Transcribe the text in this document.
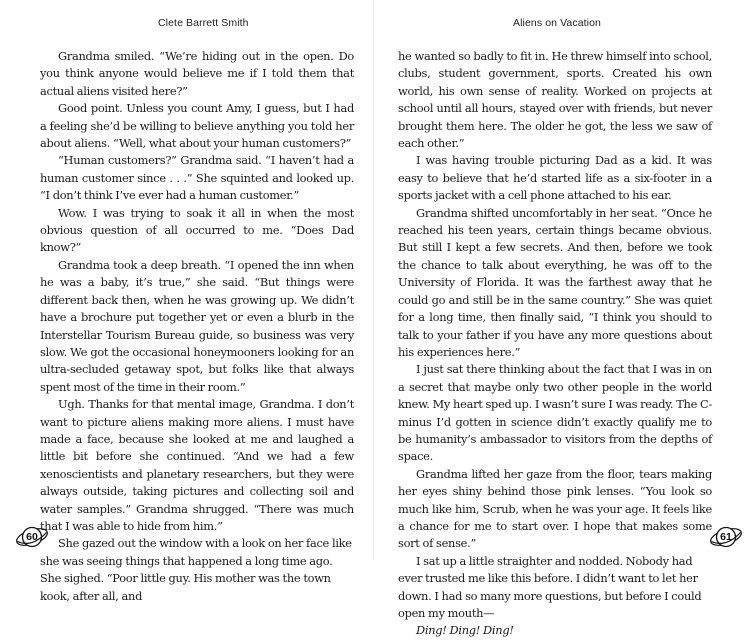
Clete Barrett Smith

Grandma smiled. “We’re hiding out in the open. Do you think anyone would believe me if I told them that actual aliens visited here?”

Good point. Unless you count Amy, I guess, but I had a feeling she’d be willing to believe anything you told her about aliens. “Well, what about your human customers?”

“Human customers?” Grandma said. “I haven’t had a human customer since . . .” She squinted and looked up. “I don’t think I’ve ever had a human customer.”

Wow. I was trying to soak it all in when the most obvious question of all occurred to me. “Does Dad know?”

Grandma took a deep breath. “I opened the inn when he was a baby, it’s true,” she said. “But things were different back then, when he was growing up. We didn’t have a brochure put together yet or even a blurb in the Interstellar Tourism Bureau guide, so business was very slow. We got the occasional honeymooners looking for an ultra-secluded getaway spot, but folks like that always spent most of the time in their room.”

Ugh. Thanks for that mental image, Grandma. I don’t want to picture aliens making more aliens. I must have made a face, because she looked at me and laughed a little bit before she continued. “And we had a few xenoscientists and planetary researchers, but they were always outside, taking pictures and collecting soil and water samples.” Grandma shrugged. “There was much that I was able to hide from him.”

She gazed out the window with a look on her face like she was seeing things that happened a long time ago. She sighed. “Poor little guy. His mother was the town kook, after all, and

60
Aliens on Vacation

he wanted so badly to fit in. He threw himself into school, clubs, student government, sports. Created his own world, his own sense of reality. Worked on projects at school until all hours, stayed over with friends, but never brought them here. The older he got, the less we saw of each other.”

I was having trouble picturing Dad as a kid. It was easy to believe that he’d started life as a six-footer in a sports jacket with a cell phone attached to his ear.

Grandma shifted uncomfortably in her seat. “Once he reached his teen years, certain things became obvious. But still I kept a few secrets. And then, before we took the chance to talk about everything, he was off to the University of Florida. It was the farthest away that he could go and still be in the same country.” She was quiet for a long time, then finally said, “I think you should to talk to your father if you have any more questions about his experiences here.”

I just sat there thinking about the fact that I was in on a secret that maybe only two other people in the world knew. My heart sped up. I wasn’t sure I was ready. The C-minus I’d gotten in science didn’t exactly qualify me to be humanity’s ambassador to visitors from the depths of space.

Grandma lifted her gaze from the floor, tears making her eyes shiny behind those pink lenses. “You look so much like him, Scrub, when he was your age. It feels like a chance for me to start over. I hope that makes some sort of sense.”

I sat up a little straighter and nodded. Nobody had ever trusted me like this before. I didn’t want to let her down. I had so many more questions, but before I could open my mouth—

Ding! Ding! Ding!

61
